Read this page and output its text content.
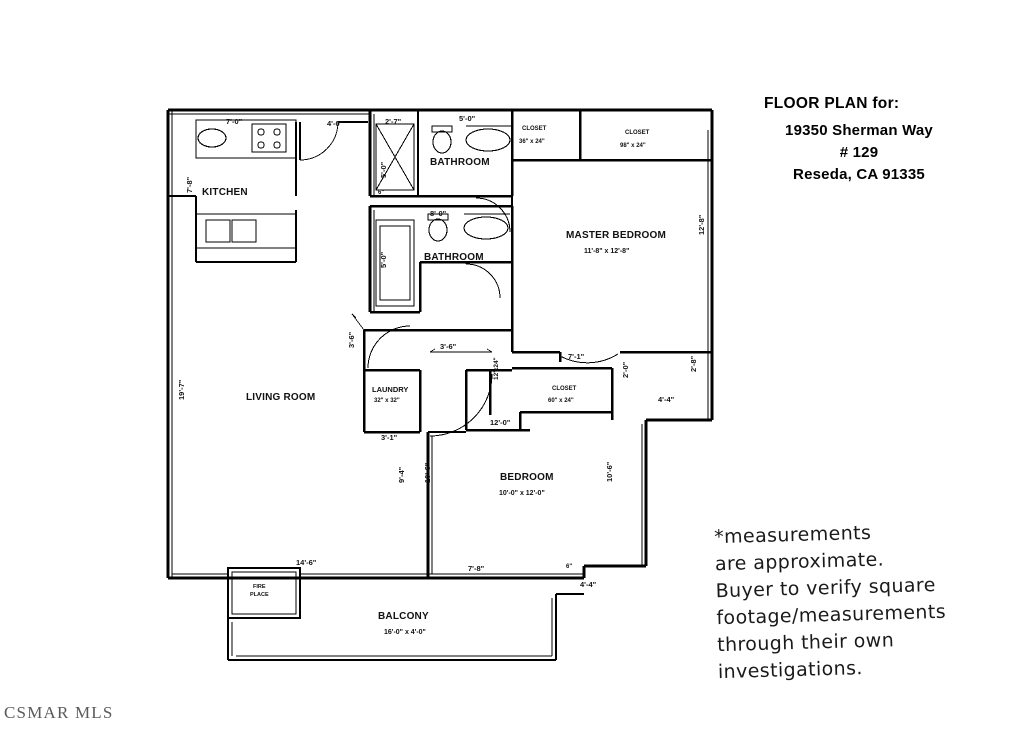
KITCHEN
LIVING ROOM
BATHROOM
BATHROOM
MASTER BEDROOM
11'-8" x 12'-8"
BEDROOM
10'-0" x 12'-0"
LAUNDRY
32" x 32"
BALCONY
16'-0" x 4'-0"
CLOSET
36" x 24"
CLOSET
98" x 24"
CLOSET
60" x 24"
FIRE
PLACE
7'-0"	4'-0"
7'-8"
2'-7"	5'-0"
5'-0"
6"
8'-0"
5'-0"
19'-7"
3'-6"	3'-6"
3'-1"
7'-1"
2'-0"	2'-8"
4'-4"
12'x24"
12'-0"
12'-8"
9'-4" 10'-6"	10'-6"
7'-8"
4'-4"
6"
14'-6"
FLOOR PLAN for:
19350 Sherman Way
# 129
Reseda, CA 91335
*measurements
are approximate.
Buyer to verify square
footage/measurements
through their own
investigations.
CSMAR MLS
